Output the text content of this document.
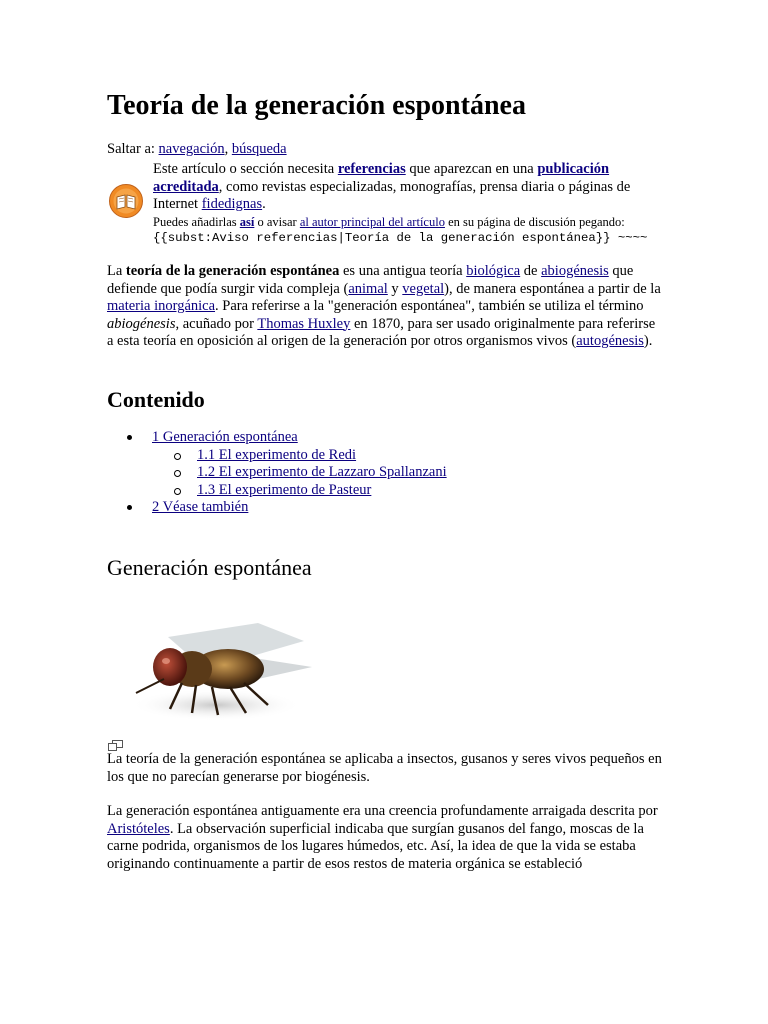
Teoría de la generación espontánea
Saltar a: navegación, búsqueda
Este artículo o sección necesita referencias que aparezcan en una publicación acreditada, como revistas especializadas, monografías, prensa diaria o páginas de Internet fidedignas.
Puedes añadirlas así o avisar al autor principal del artículo en su página de discusión pegando:
{{subst:Aviso referencias|Teoría de la generación espontánea}} ~~~~
La teoría de la generación espontánea es una antigua teoría biológica de abiogénesis que defiende que podía surgir vida compleja (animal y vegetal), de manera espontánea a partir de la materia inorgánica. Para referirse a la "generación espontánea", también se utiliza el término abiogénesis, acuñado por Thomas Huxley en 1870, para ser usado originalmente para referirse a esta teoría en oposición al origen de la generación por otros organismos vivos (autogénesis).
Contenido
1 Generación espontánea
1.1 El experimento de Redi
1.2 El experimento de Lazzaro Spallanzani
1.3 El experimento de Pasteur
2 Véase también
Generación espontánea
La teoría de la generación espontánea se aplicaba a insectos, gusanos y seres vivos pequeños en los que no parecían generarse por biogénesis.
La generación espontánea antiguamente era una creencia profundamente arraigada descrita por Aristóteles. La observación superficial indicaba que surgían gusanos del fango, moscas de la carne podrida, organismos de los lugares húmedos, etc. Así, la idea de que la vida se estaba originando continuamente a partir de esos restos de materia orgánica se estableció
